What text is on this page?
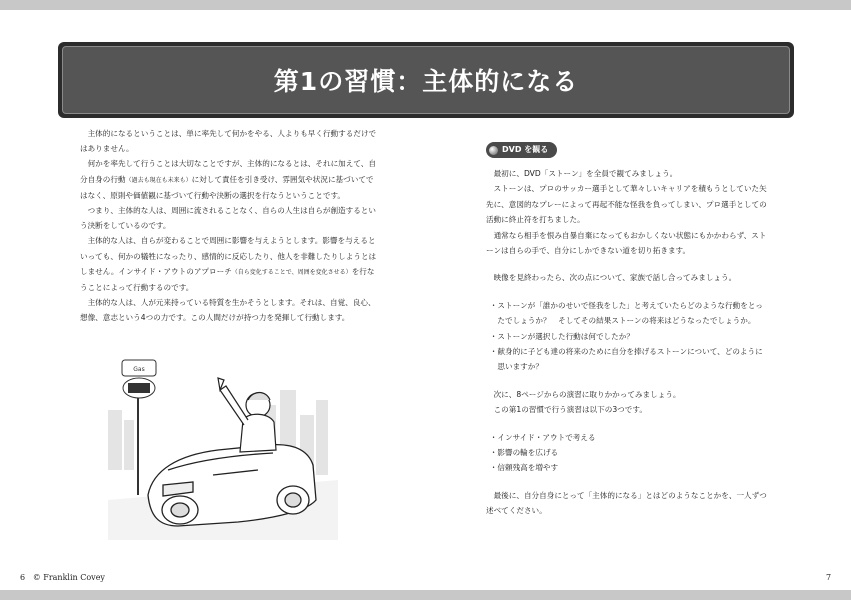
第1の習慣：主体的になる

主体的になるということは、単に率先して何かをやる、人よりも早く行動するだけではありません。

何かを率先して行うことは大切なことですが、主体的になるとは、それに加えて、自分自身の行動（過去も現在も未来も）に対して責任を引き受け、雰囲気や状況に基づいてではなく、原則や価値観に基づいて行動や決断の選択を行なうということです。

つまり、主体的な人は、周囲に流されることなく、自らの人生は自らが創造するという決断をしているのです。

主体的な人は、自らが変わることで周囲に影響を与えようとします。影響を与えるといっても、何かの犠牲になったり、感情的に反応したり、他人を非難したりしようとはしません。インサイド・アウトのアプローチ（自ら変化することで、周囲を変化させる）を行なうことによって行動するのです。

主体的な人は、人が元来持っている特質を生かそうとします。それは、自覚、良心、想像、意志という4つの力です。この人間だけが持つ力を発揮して行動します。

Gas
DVD を観る

最初に、DVD「ストーン」を全員で観てみましょう。

ストーンは、プロのサッカー選手として華々しいキャリアを積もうとしていた矢先に、意図的なプレーによって再起不能な怪我を負ってしまい、プロ選手としての活動に終止符を打ちました。

通常なら相手を恨み自暴自棄になってもおかしくない状態にもかかわらず、ストーンは自らの手で、自分にしかできない道を切り拓きます。

映像を見終わったら、次の点について、家族で話し合ってみましょう。

・ストーンが「誰かのせいで怪我をした」と考えていたらどのような行動をとったでしょうか？　そしてその結果ストーンの将来はどうなったでしょうか。

・ストーンが選択した行動は何でしたか？

・献身的に子ども達の将来のために自分を捧げるストーンについて、どのように思いますか？

次に、8ページからの演習に取りかかってみましょう。

この第1の習慣で行う演習は以下の3つです。

・インサイド・アウトで考える

・影響の輪を広げる

・信頼残高を増やす

最後に、自分自身にとって「主体的になる」とはどのようなことかを、一人ずつ述べてください。

6 © Franklin Covey	7
